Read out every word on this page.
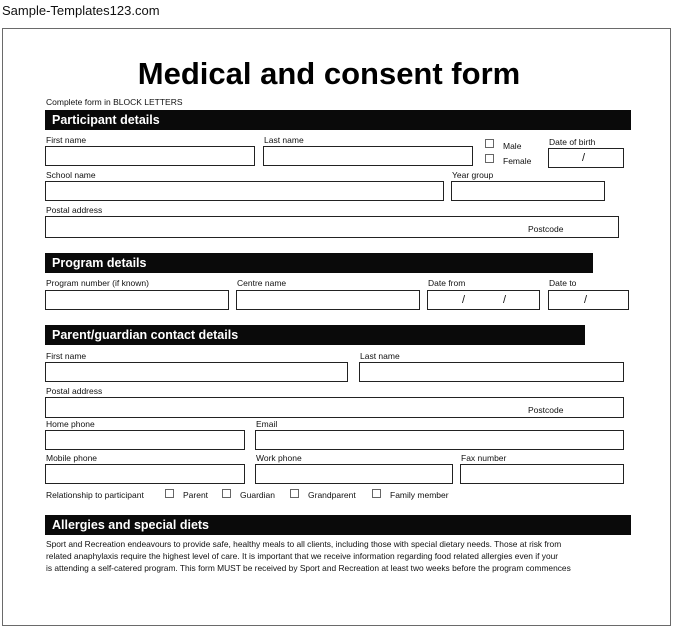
Sample-Templates123.com
Medical and consent form
Complete form in BLOCK LETTERS
Participant details
First name	Last name
Male
Female
Date of birth
/
School name	Year group
Postal address
Postcode
Program details
Program number (if known)	Centre name	Date from
/	/
Date to
/
Parent/guardian contact details
First name	Last name
Postal address
Postcode
Home phone	Email
Mobile phone	Work phone	Fax number
Relationship to participant	Parent	Guardian	Grandparent	Family member
Allergies and special diets
Sport and Recreation endeavours to provide safe, healthy meals to all clients, including those with special dietary needs. Those at risk from
related anaphylaxis require the highest level of care. It is important that we receive information regarding food related allergies even if your
is attending a self-catered program. This form MUST be received by Sport and Recreation at least two weeks before the program commences
